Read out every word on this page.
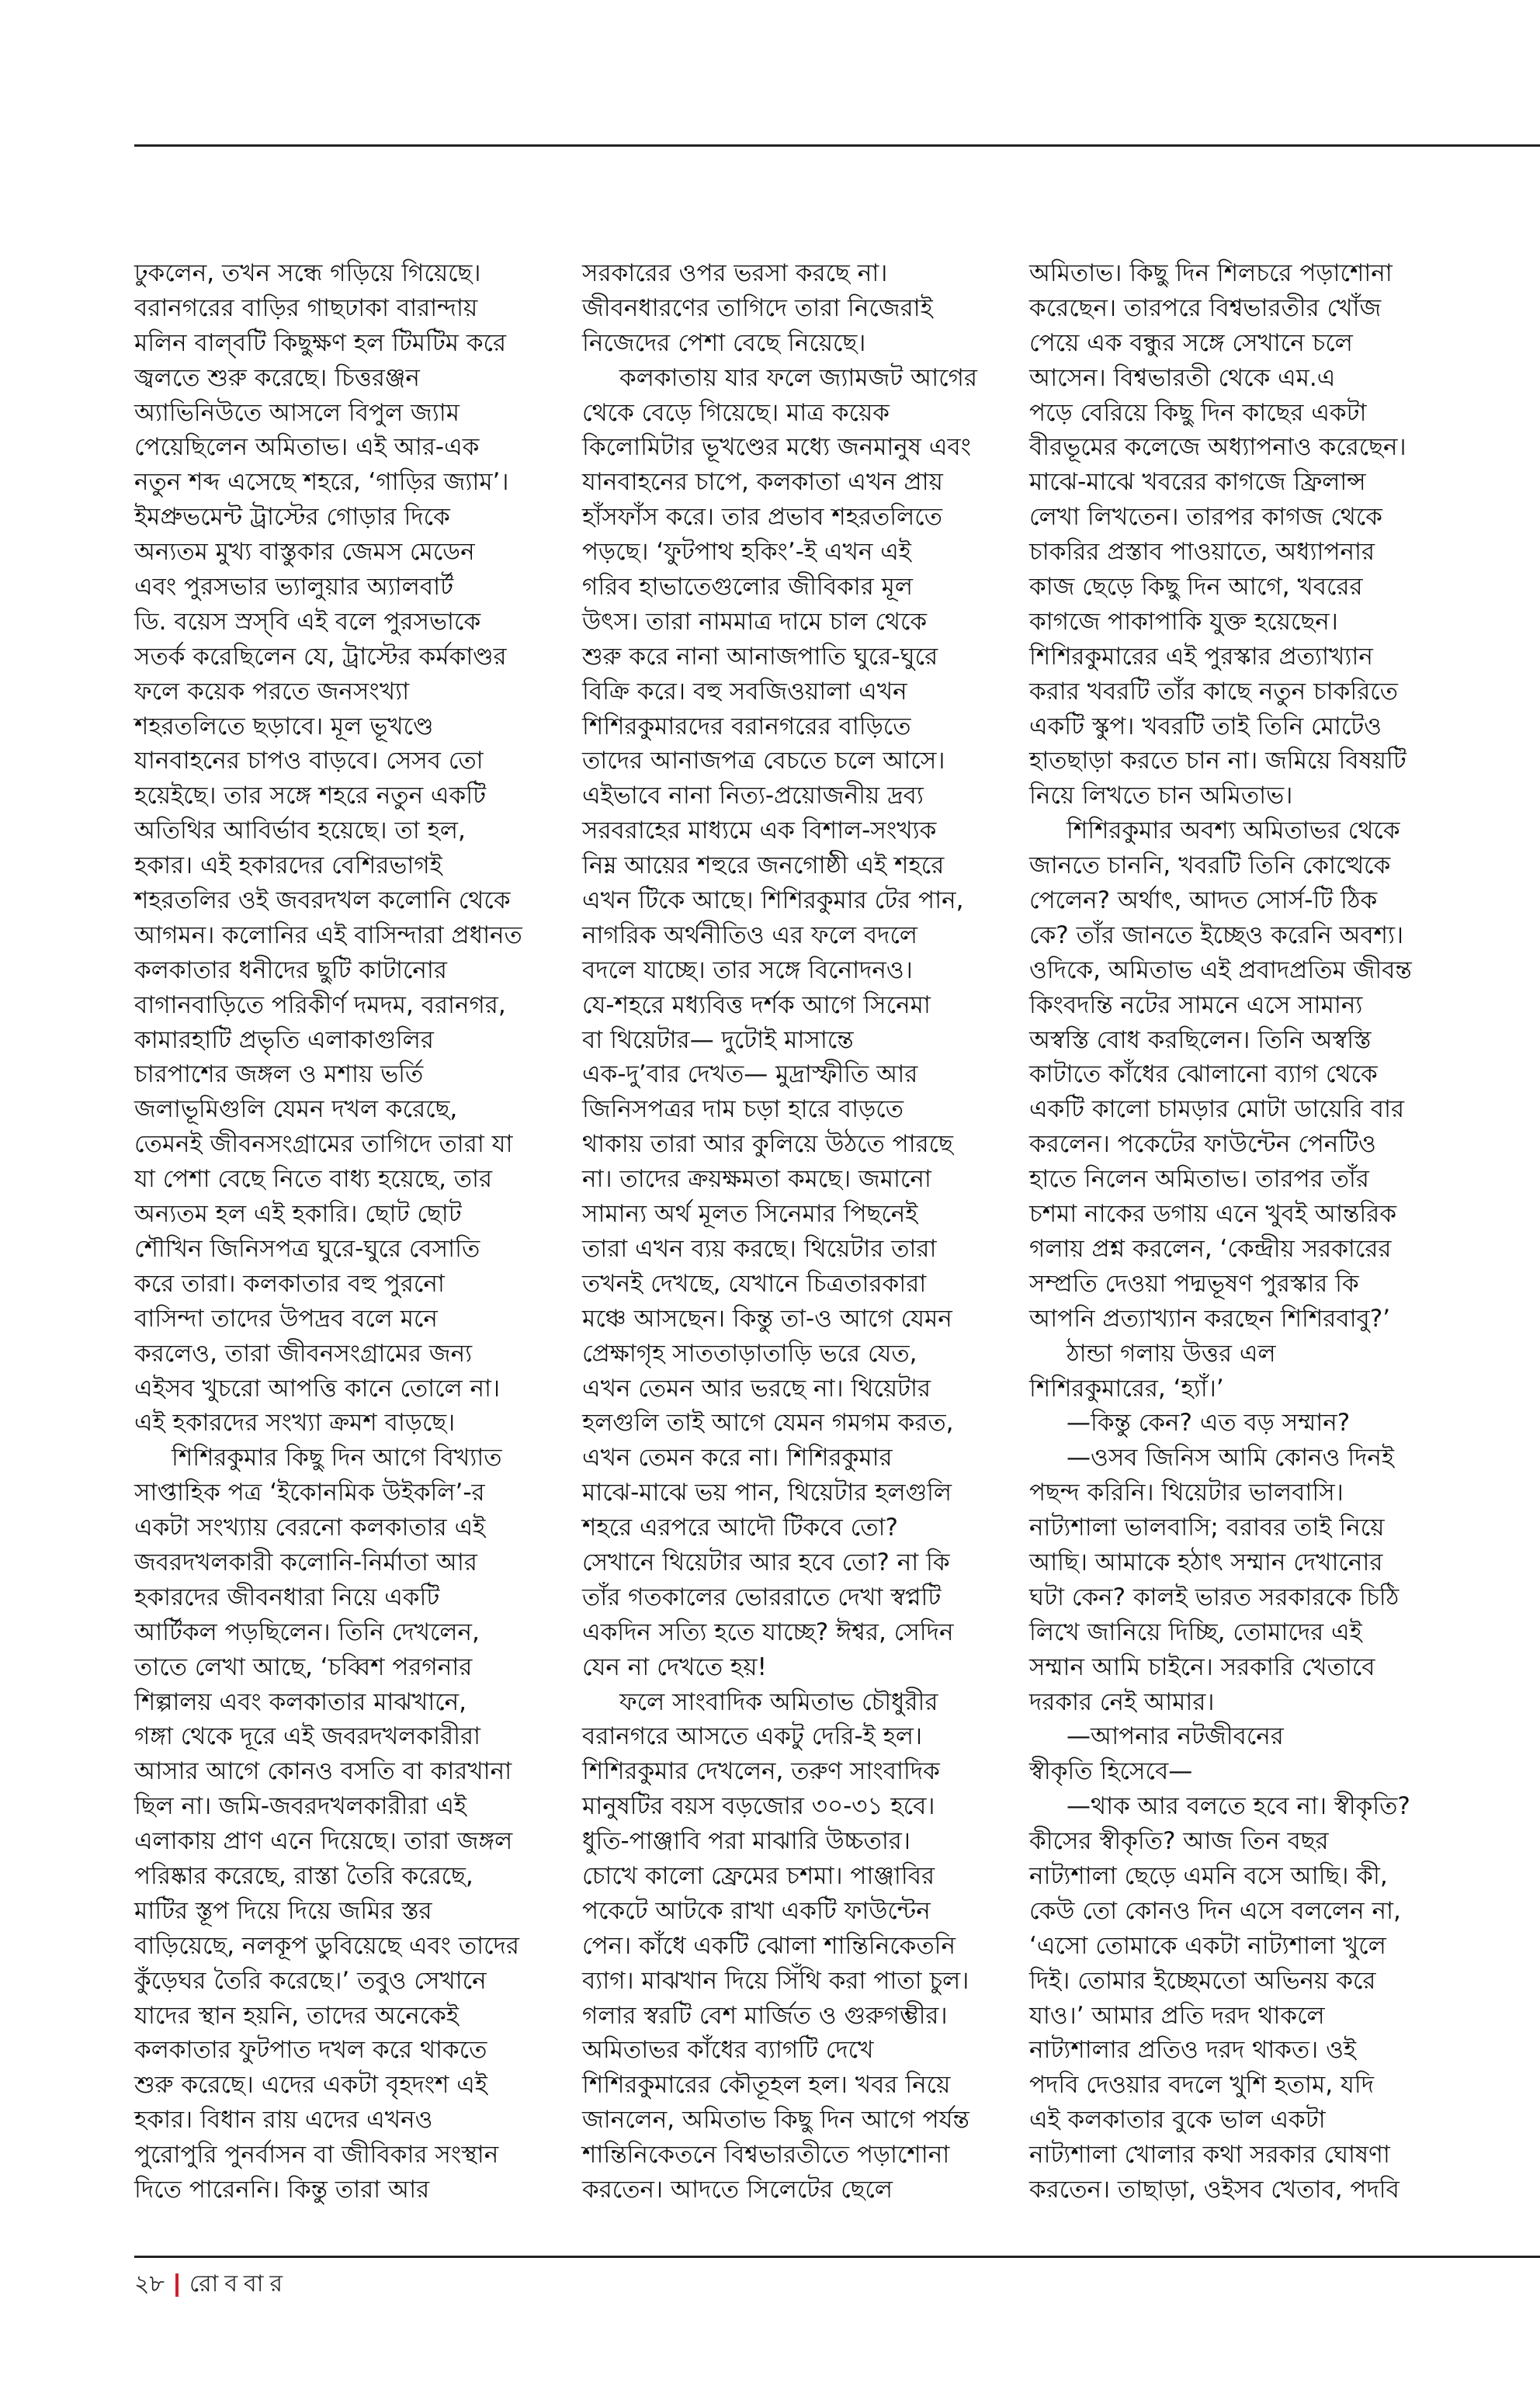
ঢুকলেন, তখন সন্ধে গড়িয়ে গিয়েছে।
বরানগরের বাড়ির গাছঢাকা বারান্দায়
মলিন বাল্‌বটি কিছুক্ষণ হল টিমটিম করে
জ্বলতে শুরু করেছে। চিত্তরঞ্জন
অ্যাভিনিউতে আসলে বিপুল জ্যাম
পেয়েছিলেন অমিতাভ। এই আর-এক
নতুন শব্দ এসেছে শহরে, ‘গাড়ির জ্যাম’।
ইমপ্রুভমেন্ট ট্রাস্টের গোড়ার দিকে
অন্যতম মুখ্য বাস্তুকার জেমস মেডেন
এবং পুরসভার ভ্যালুয়ার অ্যালবার্ট
ডি. বয়েস স্রস্‌বি এই বলে পুরসভাকে
সতর্ক করেছিলেন যে, ট্রাস্টের কর্মকাণ্ডর
ফলে কয়েক পরতে জনসংখ্যা
শহরতলিতে ছড়াবে। মূল ভূখণ্ডে
যানবাহনের চাপও বাড়বে। সেসব তো
হয়েইছে। তার সঙ্গে শহরে নতুন একটি
অতিথির আবির্ভাব হয়েছে। তা হল,
হকার। এই হকারদের বেশিরভাগই
শহরতলির ওই জবরদখল কলোনি থেকে
আগমন। কলোনির এই বাসিন্দারা প্রধানত
কলকাতার ধনীদের ছুটি কাটানোর
বাগানবাড়িতে পরিকীর্ণ দমদম, বরানগর,
কামারহাটি প্রভৃতি এলাকাগুলির
চারপাশের জঙ্গল ও মশায় ভর্তি
জলাভূমিগুলি যেমন দখল করেছে,
তেমনই জীবনসংগ্রামের তাগিদে তারা যা
যা পেশা বেছে নিতে বাধ্য হয়েছে, তার
অন্যতম হল এই হকারি। ছোট ছোট
শৌখিন জিনিসপত্র ঘুরে-ঘুরে বেসাতি
করে তারা। কলকাতার বহু পুরনো
বাসিন্দা তাদের উপদ্রব বলে মনে
করলেও, তারা জীবনসংগ্রামের জন্য
এইসব খুচরো আপত্তি কানে তোলে না।
এই হকারদের সংখ্যা ক্রমশ বাড়ছে।
শিশিরকুমার কিছু দিন আগে বিখ্যাত
সাপ্তাহিক পত্র ‘ইকোনমিক উইকলি’-র
একটা সংখ্যায় বেরনো কলকাতার এই
জবরদখলকারী কলোনি-নির্মাতা আর
হকারদের জীবনধারা নিয়ে একটি
আর্টিকল পড়ছিলেন। তিনি দেখলেন,
তাতে লেখা আছে, ‘চব্বিশ পরগনার
শিল্পালয় এবং কলকাতার মাঝখানে,
গঙ্গা থেকে দূরে এই জবরদখলকারীরা
আসার আগে কোনও বসতি বা কারখানা
ছিল না। জমি-জবরদখলকারীরা এই
এলাকায় প্রাণ এনে দিয়েছে। তারা জঙ্গল
পরিষ্কার করেছে, রাস্তা তৈরি করেছে,
মাটির স্তূপ দিয়ে দিয়ে জমির স্তর
বাড়িয়েছে, নলকূপ ডুবিয়েছে এবং তাদের
কুঁড়েঘর তৈরি করেছে।’ তবুও সেখানে
যাদের স্থান হয়নি, তাদের অনেকেই
কলকাতার ফুটপাত দখল করে থাকতে
শুরু করেছে। এদের একটা বৃহদংশ এই
হকার। বিধান রায় এদের এখনও
পুরোপুরি পুনর্বাসন বা জীবিকার সংস্থান
দিতে পারেননি। কিন্তু তারা আর
সরকারের ওপর ভরসা করছে না।
জীবনধারণের তাগিদে তারা নিজেরাই
নিজেদের পেশা বেছে নিয়েছে।
কলকাতায় যার ফলে জ্যামজট আগের
থেকে বেড়ে গিয়েছে। মাত্র কয়েক
কিলোমিটার ভূখণ্ডের মধ্যে জনমানুষ এবং
যানবাহনের চাপে, কলকাতা এখন প্রায়
হাঁসফাঁস করে। তার প্রভাব শহরতলিতে
পড়ছে। ‘ফুটপাথ হকিং’-ই এখন এই
গরিব হাভাতেগুলোর জীবিকার মূল
উৎস। তারা নামমাত্র দামে চাল থেকে
শুরু করে নানা আনাজপাতি ঘুরে-ঘুরে
বিক্রি করে। বহু সবজিওয়ালা এখন
শিশিরকুমারদের বরানগরের বাড়িতে
তাদের আনাজপত্র বেচতে চলে আসে।
এইভাবে নানা নিত্য-প্রয়োজনীয় দ্রব্য
সরবরাহের মাধ্যমে এক বিশাল-সংখ্যক
নিম্ন আয়ের শহুরে জনগোষ্ঠী এই শহরে
এখন টিকে আছে। শিশিরকুমার টের পান,
নাগরিক অর্থনীতিও এর ফলে বদলে
বদলে যাচ্ছে। তার সঙ্গে বিনোদনও।
যে-শহরে মধ্যবিত্ত দর্শক আগে সিনেমা
বা থিয়েটার— দুটোই মাসান্তে
এক-দু’বার দেখত— মুদ্রাস্ফীতি আর
জিনিসপত্রর দাম চড়া হারে বাড়তে
থাকায় তারা আর কুলিয়ে উঠতে পারছে
না। তাদের ক্রয়ক্ষমতা কমছে। জমানো
সামান্য অর্থ মূলত সিনেমার পিছনেই
তারা এখন ব্যয় করছে। থিয়েটার তারা
তখনই দেখছে, যেখানে চিত্রতারকারা
মঞ্চে আসছেন। কিন্তু তা-ও আগে যেমন
প্রেক্ষাগৃহ সাততাড়াতাড়ি ভরে যেত,
এখন তেমন আর ভরছে না। থিয়েটার
হলগুলি তাই আগে যেমন গমগম করত,
এখন তেমন করে না। শিশিরকুমার
মাঝে-মাঝে ভয় পান, থিয়েটার হলগুলি
শহরে এরপরে আদৌ টিকবে তো?
সেখানে থিয়েটার আর হবে তো? না কি
তাঁর গতকালের ভোররাতে দেখা স্বপ্নটি
একদিন সত্যি হতে যাচ্ছে? ঈশ্বর, সেদিন
যেন না দেখতে হয়!
ফলে সাংবাদিক অমিতাভ চৌধুরীর
বরানগরে আসতে একটু দেরি-ই হল।
শিশিরকুমার দেখলেন, তরুণ সাংবাদিক
মানুষটির বয়স বড়জোর ৩০-৩১ হবে।
ধুতি-পাঞ্জাবি পরা মাঝারি উচ্চতার।
চোখে কালো ফ্রেমের চশমা। পাঞ্জাবির
পকেটে আটকে রাখা একটি ফাউন্টেন
পেন। কাঁধে একটি ঝোলা শান্তিনিকেতনি
ব্যাগ। মাঝখান দিয়ে সিঁথি করা পাতা চুল।
গলার স্বরটি বেশ মার্জিত ও গুরুগম্ভীর।
অমিতাভর কাঁধের ব্যাগটি দেখে
শিশিরকুমারের কৌতূহল হল। খবর নিয়ে
জানলেন, অমিতাভ কিছু দিন আগে পর্যন্ত
শান্তিনিকেতনে বিশ্বভারতীতে পড়াশোনা
করতেন। আদতে সিলেটের ছেলে
অমিতাভ। কিছু দিন শিলচরে পড়াশোনা
করেছেন। তারপরে বিশ্বভারতীর খোঁজ
পেয়ে এক বন্ধুর সঙ্গে সেখানে চলে
আসেন। বিশ্বভারতী থেকে এম.এ
পড়ে বেরিয়ে কিছু দিন কাছের একটা
বীরভূমের কলেজে অধ্যাপনাও করেছেন।
মাঝে-মাঝে খবরের কাগজে ফ্রিলান্স
লেখা লিখতেন। তারপর কাগজ থেকে
চাকরির প্রস্তাব পাওয়াতে, অধ্যাপনার
কাজ ছেড়ে কিছু দিন আগে, খবরের
কাগজে পাকাপাকি যুক্ত হয়েছেন।
শিশিরকুমারের এই পুরস্কার প্রত্যাখ্যান
করার খবরটি তাঁর কাছে নতুন চাকরিতে
একটি স্কুপ। খবরটি তাই তিনি মোটেও
হাতছাড়া করতে চান না। জমিয়ে বিষয়টি
নিয়ে লিখতে চান অমিতাভ।
শিশিরকুমার অবশ্য অমিতাভর থেকে
জানতে চাননি, খবরটি তিনি কোত্থেকে
পেলেন? অর্থাৎ, আদত সোর্স-টি ঠিক
কে? তাঁর জানতে ইচ্ছেও করেনি অবশ্য।
ওদিকে, অমিতাভ এই প্রবাদপ্রতিম জীবন্ত
কিংবদন্তি নটের সামনে এসে সামান্য
অস্বস্তি বোধ করছিলেন। তিনি অস্বস্তি
কাটাতে কাঁধের ঝোলানো ব্যাগ থেকে
একটি কালো চামড়ার মোটা ডায়েরি বার
করলেন। পকেটের ফাউন্টেন পেনটিও
হাতে নিলেন অমিতাভ। তারপর তাঁর
চশমা নাকের ডগায় এনে খুবই আন্তরিক
গলায় প্রশ্ন করলেন, ‘কেন্দ্রীয় সরকারের
সম্প্রতি দেওয়া পদ্মভূষণ পুরস্কার কি
আপনি প্রত্যাখ্যান করছেন শিশিরবাবু?’
ঠান্ডা গলায় উত্তর এল
শিশিরকুমারের, ‘হ্যাঁ।’
—কিন্তু কেন? এত বড় সম্মান?
—ওসব জিনিস আমি কোনও দিনই
পছন্দ করিনি। থিয়েটার ভালবাসি।
নাট্যশালা ভালবাসি; বরাবর তাই নিয়ে
আছি। আমাকে হঠাৎ সম্মান দেখানোর
ঘটা কেন? কালই ভারত সরকারকে চিঠি
লিখে জানিয়ে দিচ্ছি, তোমাদের এই
সম্মান আমি চাইনে। সরকারি খেতাবে
দরকার নেই আমার।
—আপনার নটজীবনের
স্বীকৃতি হিসেবে—
—থাক আর বলতে হবে না। স্বীকৃতি?
কীসের স্বীকৃতি? আজ তিন বছর
নাট্যশালা ছেড়ে এমনি বসে আছি। কী,
কেউ তো কোনও দিন এসে বললেন না,
‘এসো তোমাকে একটা নাট্যশালা খুলে
দিই। তোমার ইচ্ছেমতো অভিনয় করে
যাও।’ আমার প্রতি দরদ থাকলে
নাট্যশালার প্রতিও দরদ থাকত। ওই
পদবি দেওয়ার বদলে খুশি হতাম, যদি
এই কলকাতার বুকে ভাল একটা
নাট্যশালা খোলার কথা সরকার ঘোষণা
করতেন। তাছাড়া, ওইসব খেতাব, পদবি
২৮ রোববার
